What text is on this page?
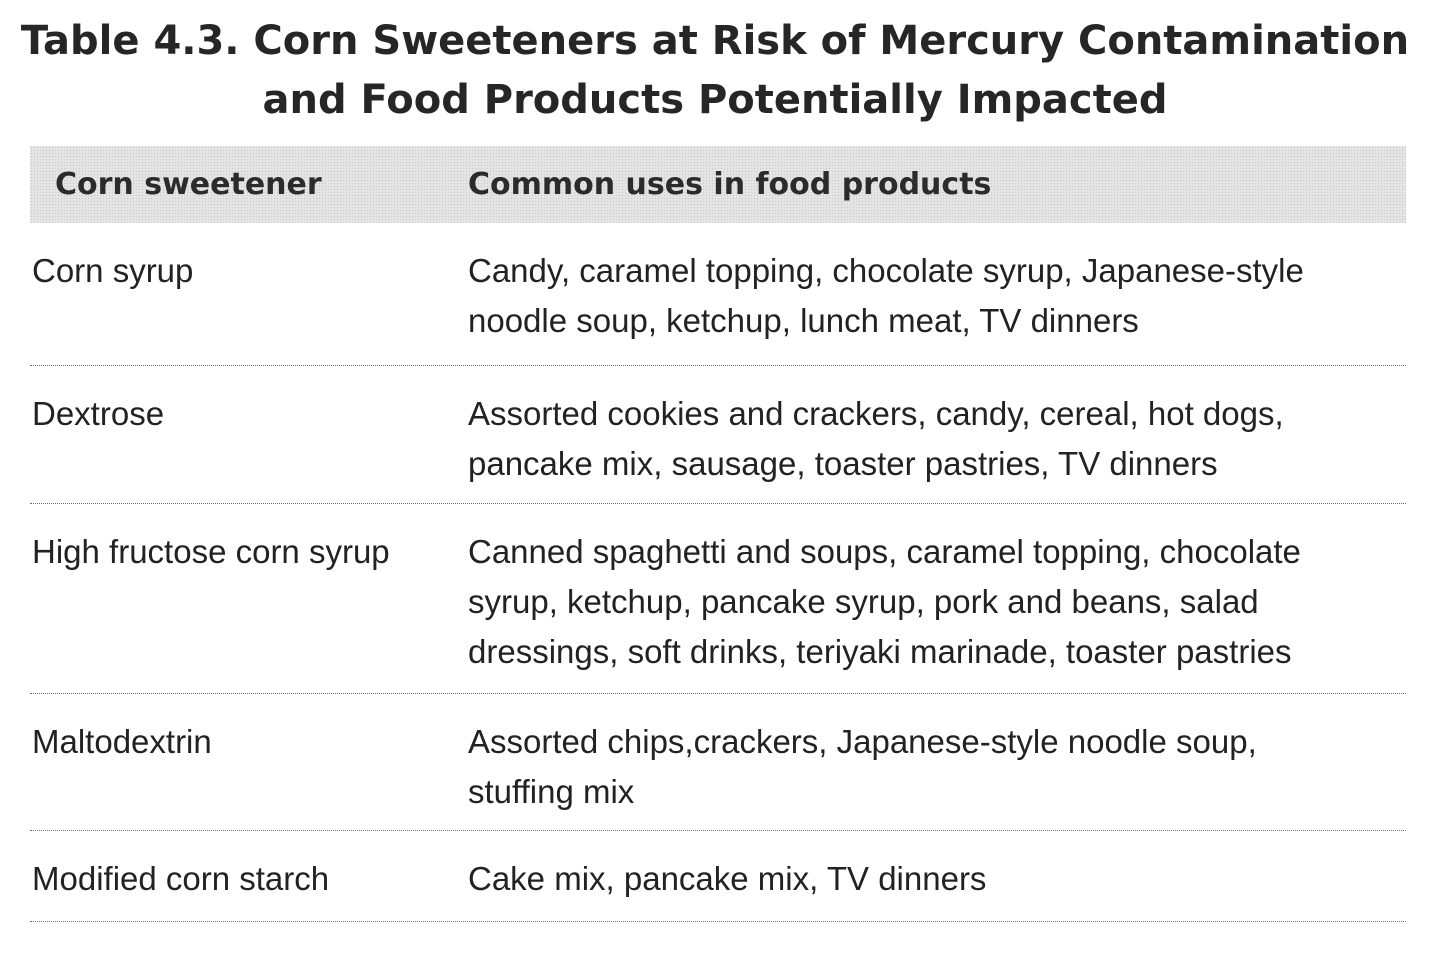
Table 4.3. Corn Sweeteners at Risk of Mercury Contamination
and Food Products Potentially Impacted
Corn sweetener	Common uses in food products
Corn syrup	Candy, caramel topping, chocolate syrup, Japanese-style noodle soup, ketchup, lunch meat, TV dinners
Dextrose	Assorted cookies and crackers, candy, cereal, hot dogs, pancake mix, sausage, toaster pastries, TV dinners
High fructose corn syrup	Canned spaghetti and soups, caramel topping, chocolate syrup, ketchup, pancake syrup, pork and beans, salad dressings, soft drinks, teriyaki marinade, toaster pastries
Maltodextrin	Assorted chips,crackers, Japanese-style noodle soup, stuffing mix
Modified corn starch	Cake mix, pancake mix, TV dinners
